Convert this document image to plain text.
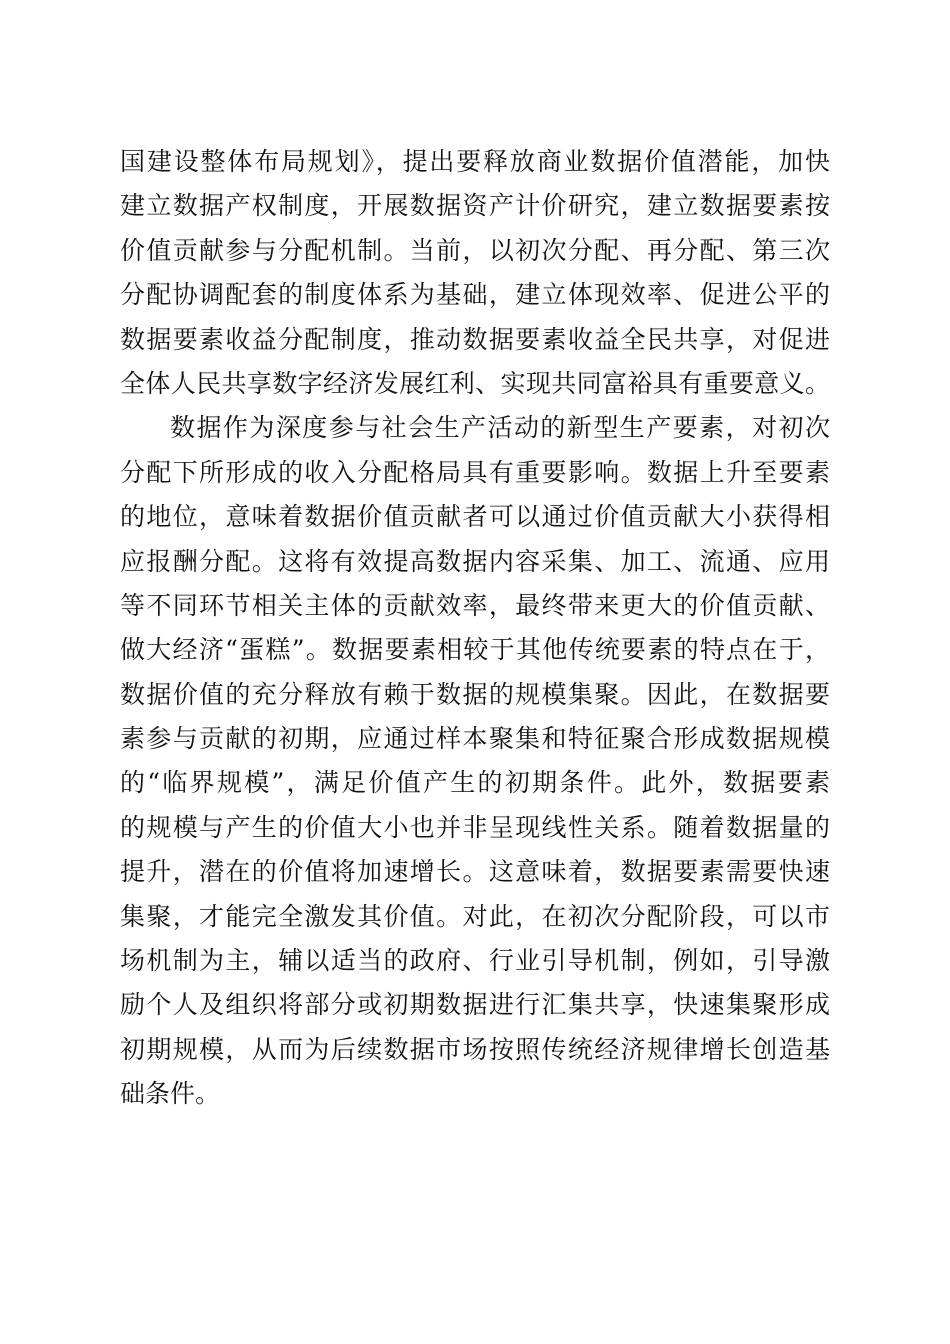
国建设整体布局规划》，提出要释放商业数据价值潜能，加快
建立数据产权制度，开展数据资产计价研究，建立数据要素按
价值贡献参与分配机制。当前，以初次分配、再分配、第三次
分配协调配套的制度体系为基础，建立体现效率、促进公平的
数据要素收益分配制度，推动数据要素收益全民共享，对促进
全体人民共享数字经济发展红利、实现共同富裕具有重要意义。
数据作为深度参与社会生产活动的新型生产要素，对初次
分配下所形成的收入分配格局具有重要影响。数据上升至要素
的地位，意味着数据价值贡献者可以通过价值贡献大小获得相
应报酬分配。这将有效提高数据内容采集、加工、流通、应用
等不同环节相关主体的贡献效率，最终带来更大的价值贡献、
做大经济“蛋糕”。数据要素相较于其他传统要素的特点在于，
数据价值的充分释放有赖于数据的规模集聚。因此，在数据要
素参与贡献的初期，应通过样本聚集和特征聚合形成数据规模
的“临界规模”，满足价值产生的初期条件。此外，数据要素
的规模与产生的价值大小也并非呈现线性关系。随着数据量的
提升，潜在的价值将加速增长。这意味着，数据要素需要快速
集聚，才能完全激发其价值。对此，在初次分配阶段，可以市
场机制为主，辅以适当的政府、行业引导机制，例如，引导激
励个人及组织将部分或初期数据进行汇集共享，快速集聚形成
初期规模，从而为后续数据市场按照传统经济规律增长创造基
础条件。
